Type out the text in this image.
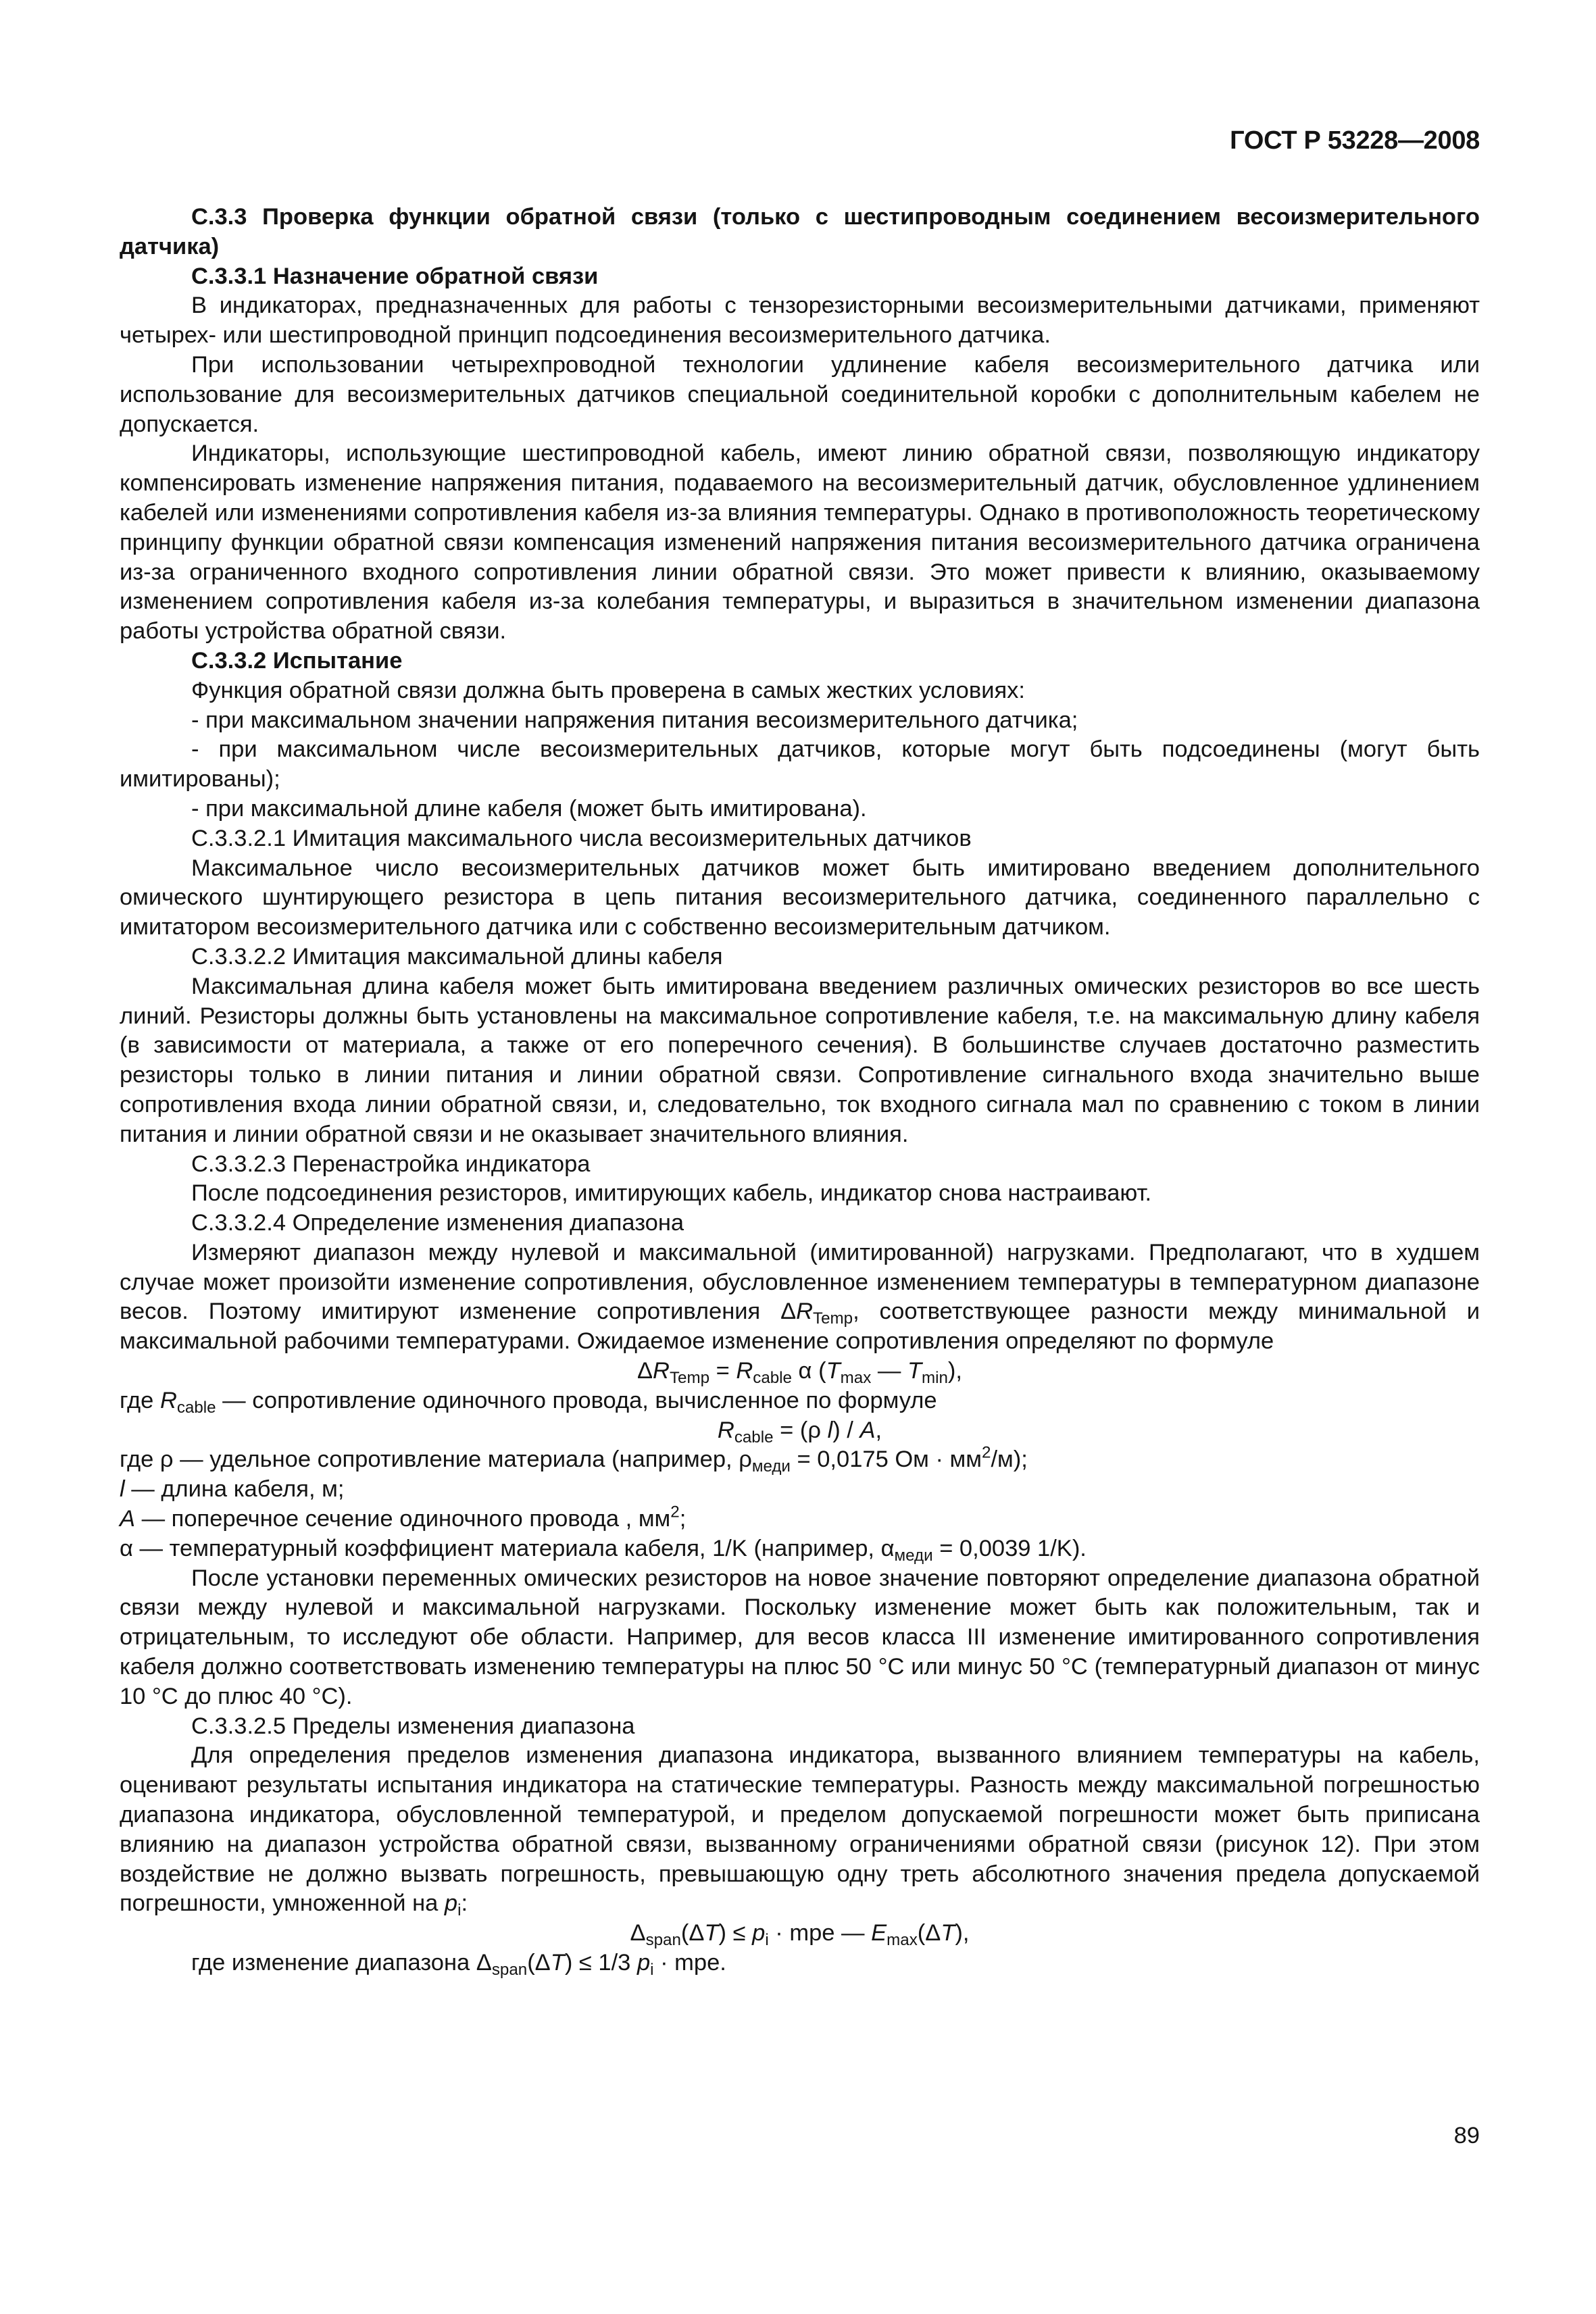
ГОСТ Р 53228—2008

С.3.3 Проверка функции обратной связи (только с шестипроводным соединением весоизмерительного датчика)

С.3.3.1 Назначение обратной связи

В индикаторах, предназначенных для работы с тензорезисторными весоизмерительными датчиками, применяют четырех- или шестипроводной принцип подсоединения весоизмерительного датчика.

При использовании четырехпроводной технологии удлинение кабеля весоизмерительного датчика или использование для весоизмерительных датчиков специальной соединительной коробки с дополнительным кабелем не допускается.

Индикаторы, использующие шестипроводной кабель, имеют линию обратной связи, позволяющую индикатору компенсировать изменение напряжения питания, подаваемого на весоизмерительный датчик, обусловленное удлинением кабелей или изменениями сопротивления кабеля из-за влияния температуры. Однако в противоположность теоретическому принципу функции обратной связи компенсация изменений напряжения питания весоизмерительного датчика ограничена из-за ограниченного входного сопротивления линии обратной связи. Это может привести к влиянию, оказываемому изменением сопротивления кабеля из-за колебания температуры, и выразиться в значительном изменении диапазона работы устройства обратной связи.

С.3.3.2 Испытание

Функция обратной связи должна быть проверена в самых жестких условиях:

- при максимальном значении напряжения питания весоизмерительного датчика;

- при максимальном числе весоизмерительных датчиков, которые могут быть подсоединены (могут быть имитированы);

- при максимальной длине кабеля (может быть имитирована).

С.3.3.2.1 Имитация максимального числа весоизмерительных датчиков

Максимальное число весоизмерительных датчиков может быть имитировано введением дополнительного омического шунтирующего резистора в цепь питания весоизмерительного датчика, соединенного параллельно с имитатором весоизмерительного датчика или с собственно весоизмерительным датчиком.

С.3.3.2.2 Имитация максимальной длины кабеля

Максимальная длина кабеля может быть имитирована введением различных омических резисторов во все шесть линий. Резисторы должны быть установлены на максимальное сопротивление кабеля, т.е. на максимальную длину кабеля (в зависимости от материала, а также от его поперечного сечения). В большинстве случаев достаточно разместить резисторы только в линии питания и линии обратной связи. Сопротивление сигнального входа значительно выше сопротивления входа линии обратной связи, и, следовательно, ток входного сигнала мал по сравнению с током в линии питания и линии обратной связи и не оказывает значительного влияния.

С.3.3.2.3 Перенастройка индикатора

После подсоединения резисторов, имитирующих кабель, индикатор снова настраивают.

С.3.3.2.4 Определение изменения диапазона

Измеряют диапазон между нулевой и максимальной (имитированной) нагрузками. Предполагают, что в худшем случае может произойти изменение сопротивления, обусловленное изменением температуры в температурном диапазоне весов. Поэтому имитируют изменение сопротивления $\Delta R_{Temp}$, соответствующее разности между минимальной и максимальной рабочими температурами. Ожидаемое изменение сопротивления определяют по формуле

$\Delta R_{Temp} = R_{cable}$ α ($T_{max}$ — $T_{min}$),

где $R_{cable}$ — сопротивление одиночного провода, вычисленное по формуле

$R_{cable} = (\rho$ l) / A,

где ρ — удельное сопротивление материала (например, $\rho_{меди} = 0,0175$ Ом · $мм^2/м$);

l — длина кабеля, м;

A — поперечное сечение одиночного провода , $мм^2$;

α — температурный коэффициент материала кабеля, 1/K (например, $\alpha_{меди} = 0,0039$ 1/K).

После установки переменных омических резисторов на новое значение повторяют определение диапазона обратной связи между нулевой и максимальной нагрузками. Поскольку изменение может быть как положительным, так и отрицательным, то исследуют обе области. Например, для весов класса III изменение имитированного сопротивления кабеля должно соответствовать изменению температуры на плюс 50 °С или минус 50 °С (температурный диапазон от минус 10 °С до плюс 40 °С).

С.3.3.2.5 Пределы изменения диапазона

Для определения пределов изменения диапазона индикатора, вызванного влиянием температуры на кабель, оценивают результаты испытания индикатора на статические температуры. Разность между максимальной погрешностью диапазона индикатора, обусловленной температурой, и пределом допускаемой погрешности может быть приписана влиянию на диапазон устройства обратной связи, вызванному ограничениями обратной связи (рисунок 12). При этом воздействие не должно вызвать погрешность, превышающую одну треть абсолютного значения предела допускаемой погрешности, умноженной на $p_i$:

$\Delta_{span}(\Delta T) \le p_i$ · mpe — $E_{max}(\Delta T)$,

где изменение диапазона $\Delta_{span}(\Delta T) \le 1/3$ $p_i$ · mpe.

89
